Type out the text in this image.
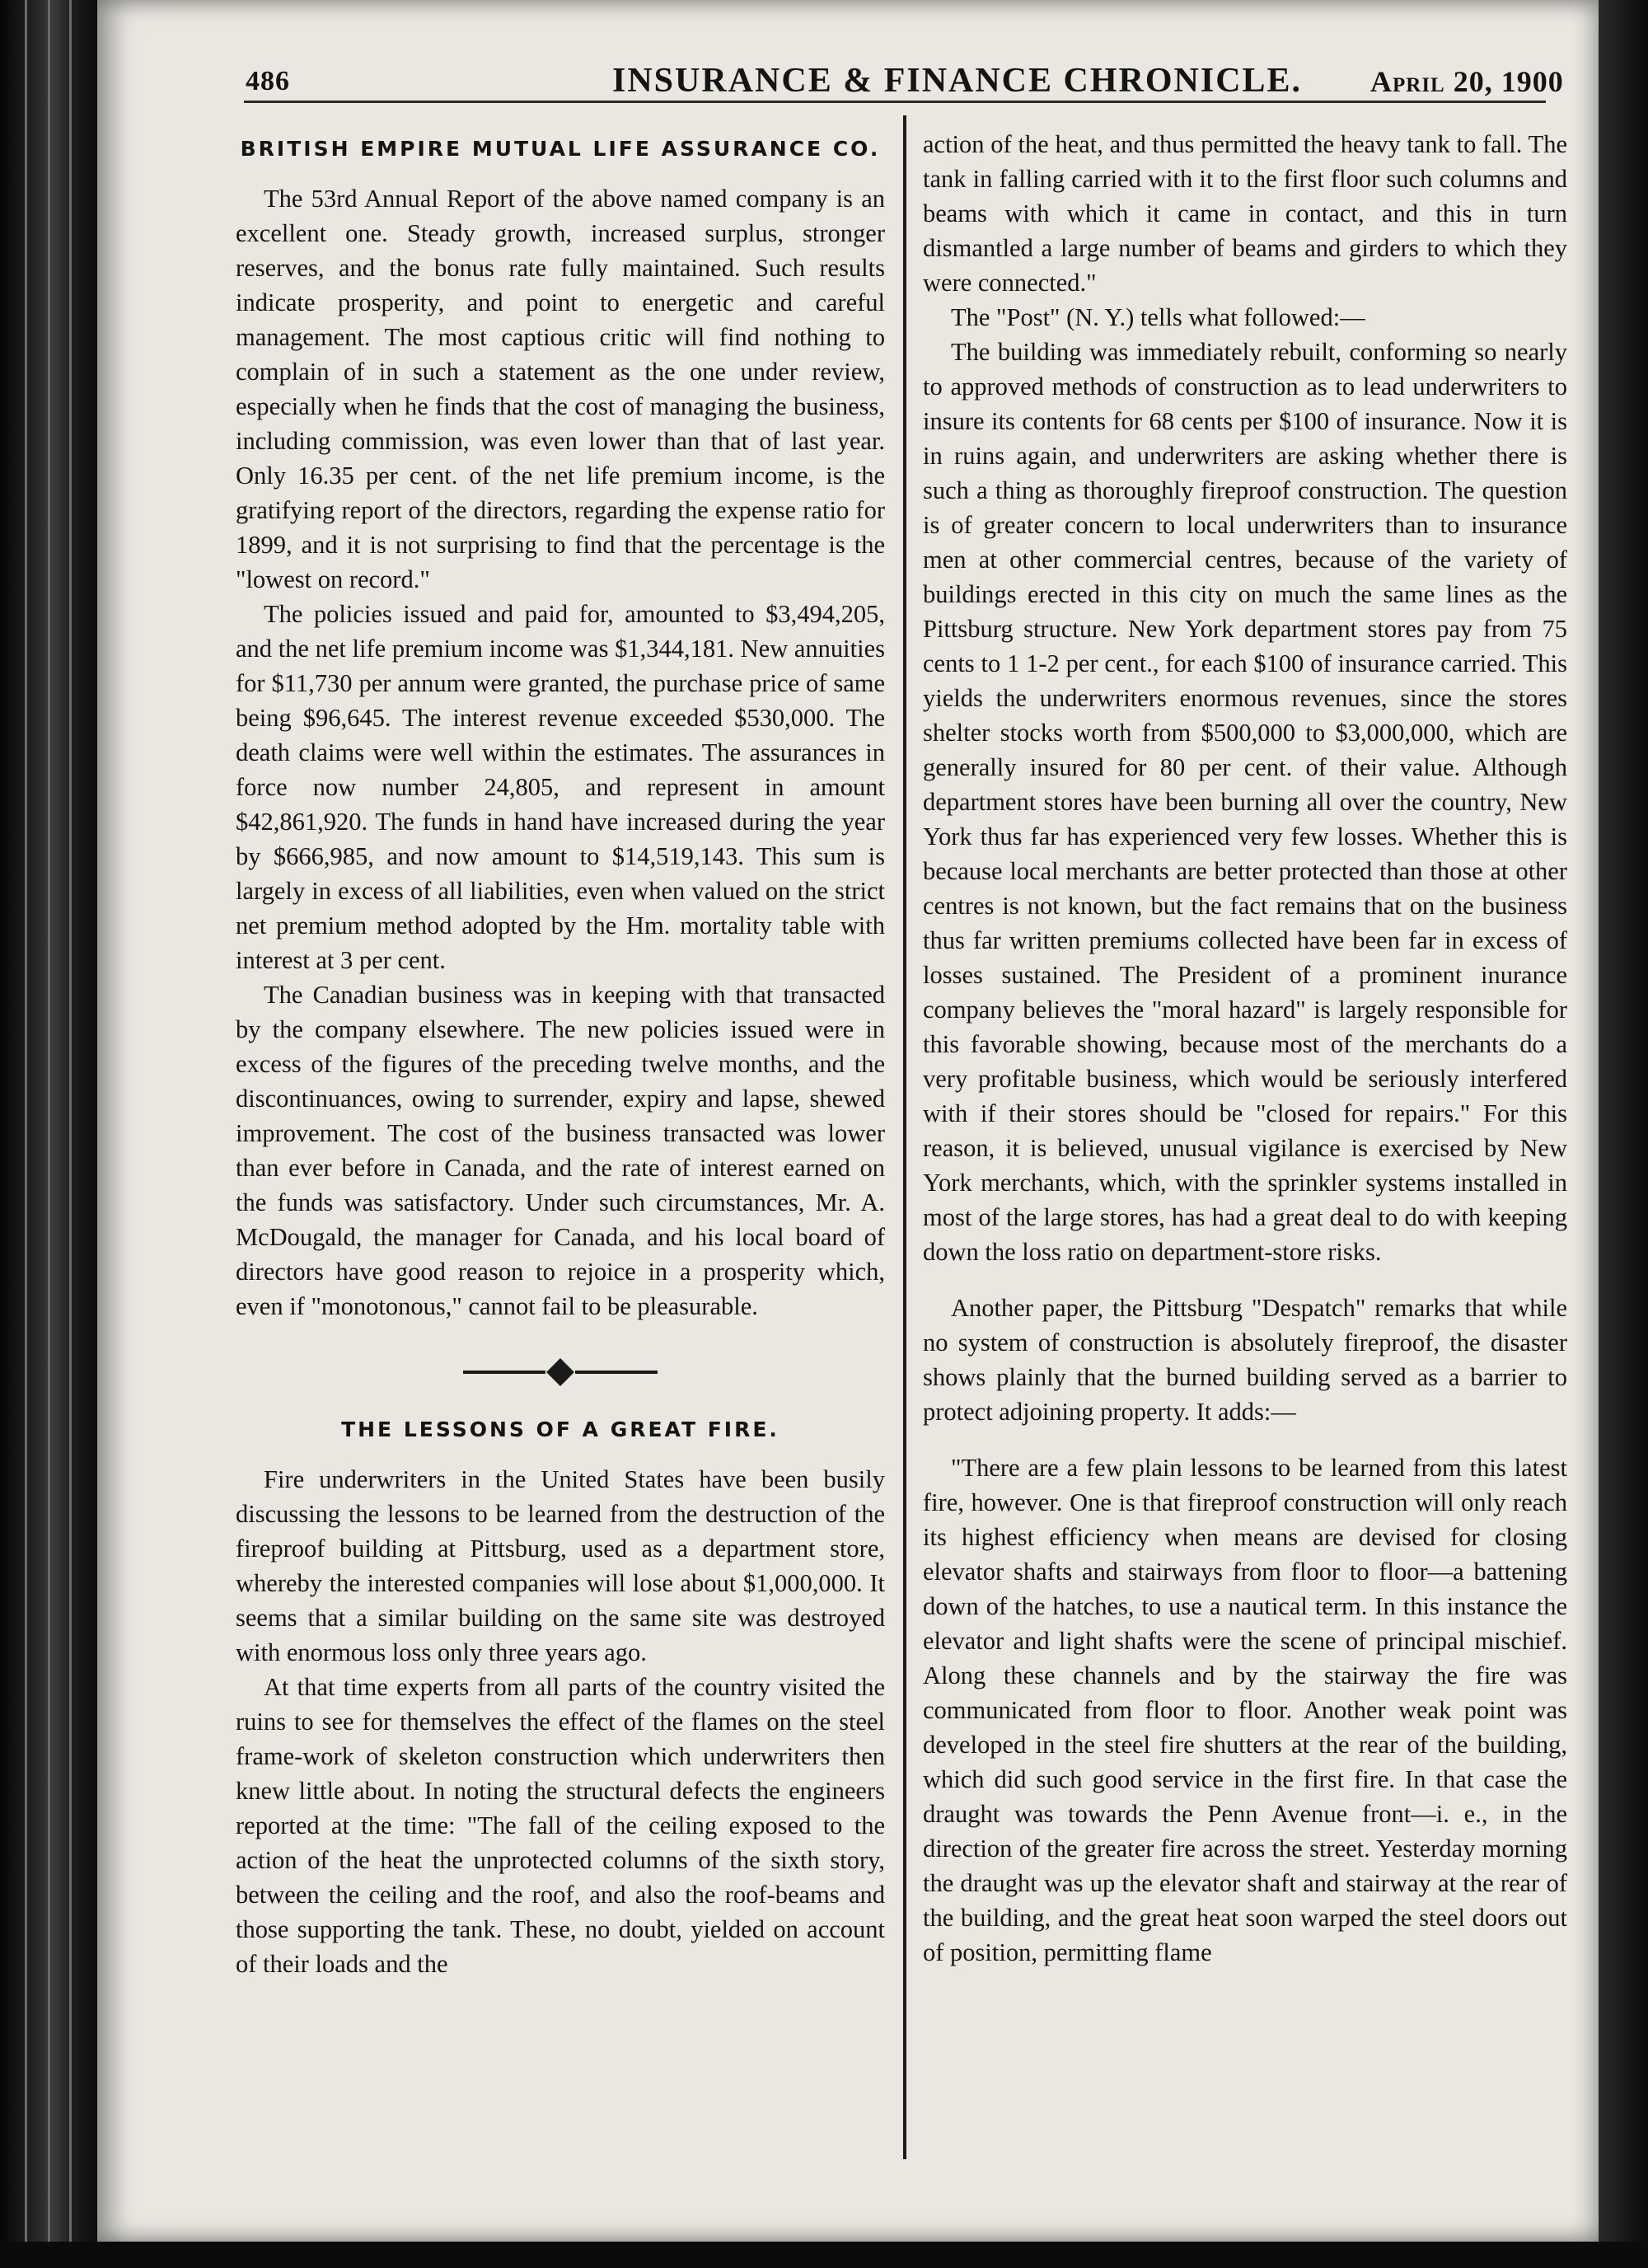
486	INSURANCE & FINANCE CHRONICLE. April 20, 1900
BRITISH EMPIRE MUTUAL LIFE ASSURANCE CO.

The 53rd Annual Report of the above named company is an excellent one. Steady growth, increased surplus, stronger reserves, and the bonus rate fully maintained. Such results indicate prosperity, and point to energetic and careful management. The most captious critic will find nothing to complain of in such a statement as the one under review, especially when he finds that the cost of managing the business, including commission, was even lower than that of last year. Only 16.35 per cent. of the net life premium income, is the gratifying report of the directors, regarding the expense ratio for 1899, and it is not surprising to find that the percentage is the "lowest on record."

The policies issued and paid for, amounted to $3,494,205, and the net life premium income was $1,344,181. New annuities for $11,730 per annum were granted, the purchase price of same being $96,645. The interest revenue exceeded $530,000. The death claims were well within the estimates. The assurances in force now number 24,805, and represent in amount $42,861,920. The funds in hand have increased during the year by $666,985, and now amount to $14,519,143. This sum is largely in excess of all liabilities, even when valued on the strict net premium method adopted by the Hm. mortality table with interest at 3 per cent.

The Canadian business was in keeping with that transacted by the company elsewhere. The new policies issued were in excess of the figures of the preceding twelve months, and the discontinuances, owing to surrender, expiry and lapse, shewed improvement. The cost of the business transacted was lower than ever before in Canada, and the rate of interest earned on the funds was satisfactory. Under such circumstances, Mr. A. McDougald, the manager for Canada, and his local board of directors have good reason to rejoice in a prosperity which, even if "monotonous," cannot fail to be pleasurable.

THE LESSONS OF A GREAT FIRE.

Fire underwriters in the United States have been busily discussing the lessons to be learned from the destruction of the fireproof building at Pittsburg, used as a department store, whereby the interested companies will lose about $1,000,000. It seems that a similar building on the same site was destroyed with enormous loss only three years ago.

At that time experts from all parts of the country visited the ruins to see for themselves the effect of the flames on the steel frame-work of skeleton construction which underwriters then knew little about. In noting the structural defects the engineers reported at the time: "The fall of the ceiling exposed to the action of the heat the unprotected columns of the sixth story, between the ceiling and the roof, and also the roof-beams and those supporting the tank. These, no doubt, yielded on account of their loads and the

action of the heat, and thus permitted the heavy tank to fall. The tank in falling carried with it to the first floor such columns and beams with which it came in contact, and this in turn dismantled a large number of beams and girders to which they were connected."

The "Post" (N. Y.) tells what followed:—

The building was immediately rebuilt, conforming so nearly to approved methods of construction as to lead underwriters to insure its contents for 68 cents per $100 of insurance. Now it is in ruins again, and underwriters are asking whether there is such a thing as thoroughly fireproof construction. The question is of greater concern to local underwriters than to insurance men at other commercial centres, because of the variety of buildings erected in this city on much the same lines as the Pittsburg structure. New York department stores pay from 75 cents to 1 1-2 per cent., for each $100 of insurance carried. This yields the underwriters enormous revenues, since the stores shelter stocks worth from $500,000 to $3,000,000, which are generally insured for 80 per cent. of their value. Although department stores have been burning all over the country, New York thus far has experienced very few losses. Whether this is because local merchants are better protected than those at other centres is not known, but the fact remains that on the business thus far written premiums collected have been far in excess of losses sustained. The President of a prominent inurance company believes the "moral hazard" is largely responsible for this favorable showing, because most of the merchants do a very profitable business, which would be seriously interfered with if their stores should be "closed for repairs." For this reason, it is believed, unusual vigilance is exercised by New York merchants, which, with the sprinkler systems installed in most of the large stores, has had a great deal to do with keeping down the loss ratio on department-store risks.

Another paper, the Pittsburg "Despatch" remarks that while no system of construction is absolutely fireproof, the disaster shows plainly that the burned building served as a barrier to protect adjoining property. It adds:—

"There are a few plain lessons to be learned from this latest fire, however. One is that fireproof construction will only reach its highest efficiency when means are devised for closing elevator shafts and stairways from floor to floor—a battening down of the hatches, to use a nautical term. In this instance the elevator and light shafts were the scene of principal mischief. Along these channels and by the stairway the fire was communicated from floor to floor. Another weak point was developed in the steel fire shutters at the rear of the building, which did such good service in the first fire. In that case the draught was towards the Penn Avenue front—i. e., in the direction of the greater fire across the street. Yesterday morning the draught was up the elevator shaft and stairway at the rear of the building, and the great heat soon warped the steel doors out of position, permitting flame
